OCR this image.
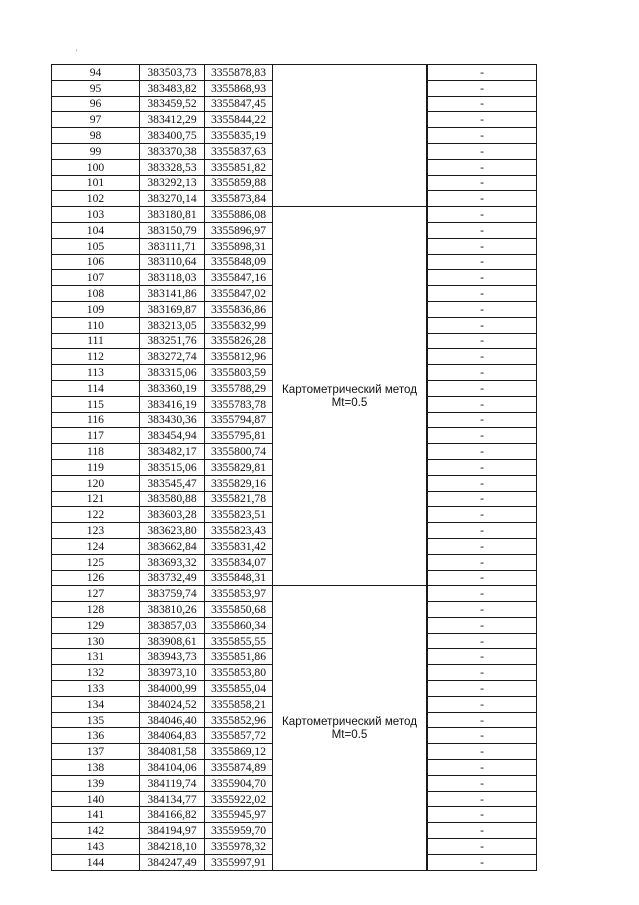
'
94	383503,73	3355878,83			-
95	383483,82	3355868,93		-
96	383459,52	3355847,45		-
97	383412,29	3355844,22		-
98	383400,75	3355835,19		-
99	383370,38	3355837,63		-
100	383328,53	3355851,82		-
101	383292,13	3355859,88		-
102	383270,14	3355873,84		-
103	383180,81	3355886,08	Картометрический метод
Mt=0.5		-
104	383150,79	3355896,97		-
105	383111,71	3355898,31		-
106	383110,64	3355848,09		-
107	383118,03	3355847,16		-
108	383141,86	3355847,02		-
109	383169,87	3355836,86		-
110	383213,05	3355832,99		-
111	383251,76	3355826,28		-
112	383272,74	3355812,96		-
113	383315,06	3355803,59		-
114	383360,19	3355788,29		-
115	383416,19	3355783,78		-
116	383430,36	3355794,87		-
117	383454,94	3355795,81		-
118	383482,17	3355800,74		-
119	383515,06	3355829,81		-
120	383545,47	3355829,16		-
121	383580,88	3355821,78		-
122	383603,28	3355823,51		-
123	383623,80	3355823,43		-
124	383662,84	3355831,42		-
125	383693,32	3355834,07		-
126	383732,49	3355848,31		-
127	383759,74	3355853,97	Картометрический метод
Mt=0.5		-
128	383810,26	3355850,68		-
129	383857,03	3355860,34		-
130	383908,61	3355855,55		-
131	383943,73	3355851,86		-
132	383973,10	3355853,80		-
133	384000,99	3355855,04		-
134	384024,52	3355858,21		-
135	384046,40	3355852,96		-
136	384064,83	3355857,72		-
137	384081,58	3355869,12		-
138	384104,06	3355874,89		-
139	384119,74	3355904,70		-
140	384134,77	3355922,02		-
141	384166,82	3355945,97		-
142	384194,97	3355959,70		-
143	384218,10	3355978,32		-
144	384247,49	3355997,91		-
